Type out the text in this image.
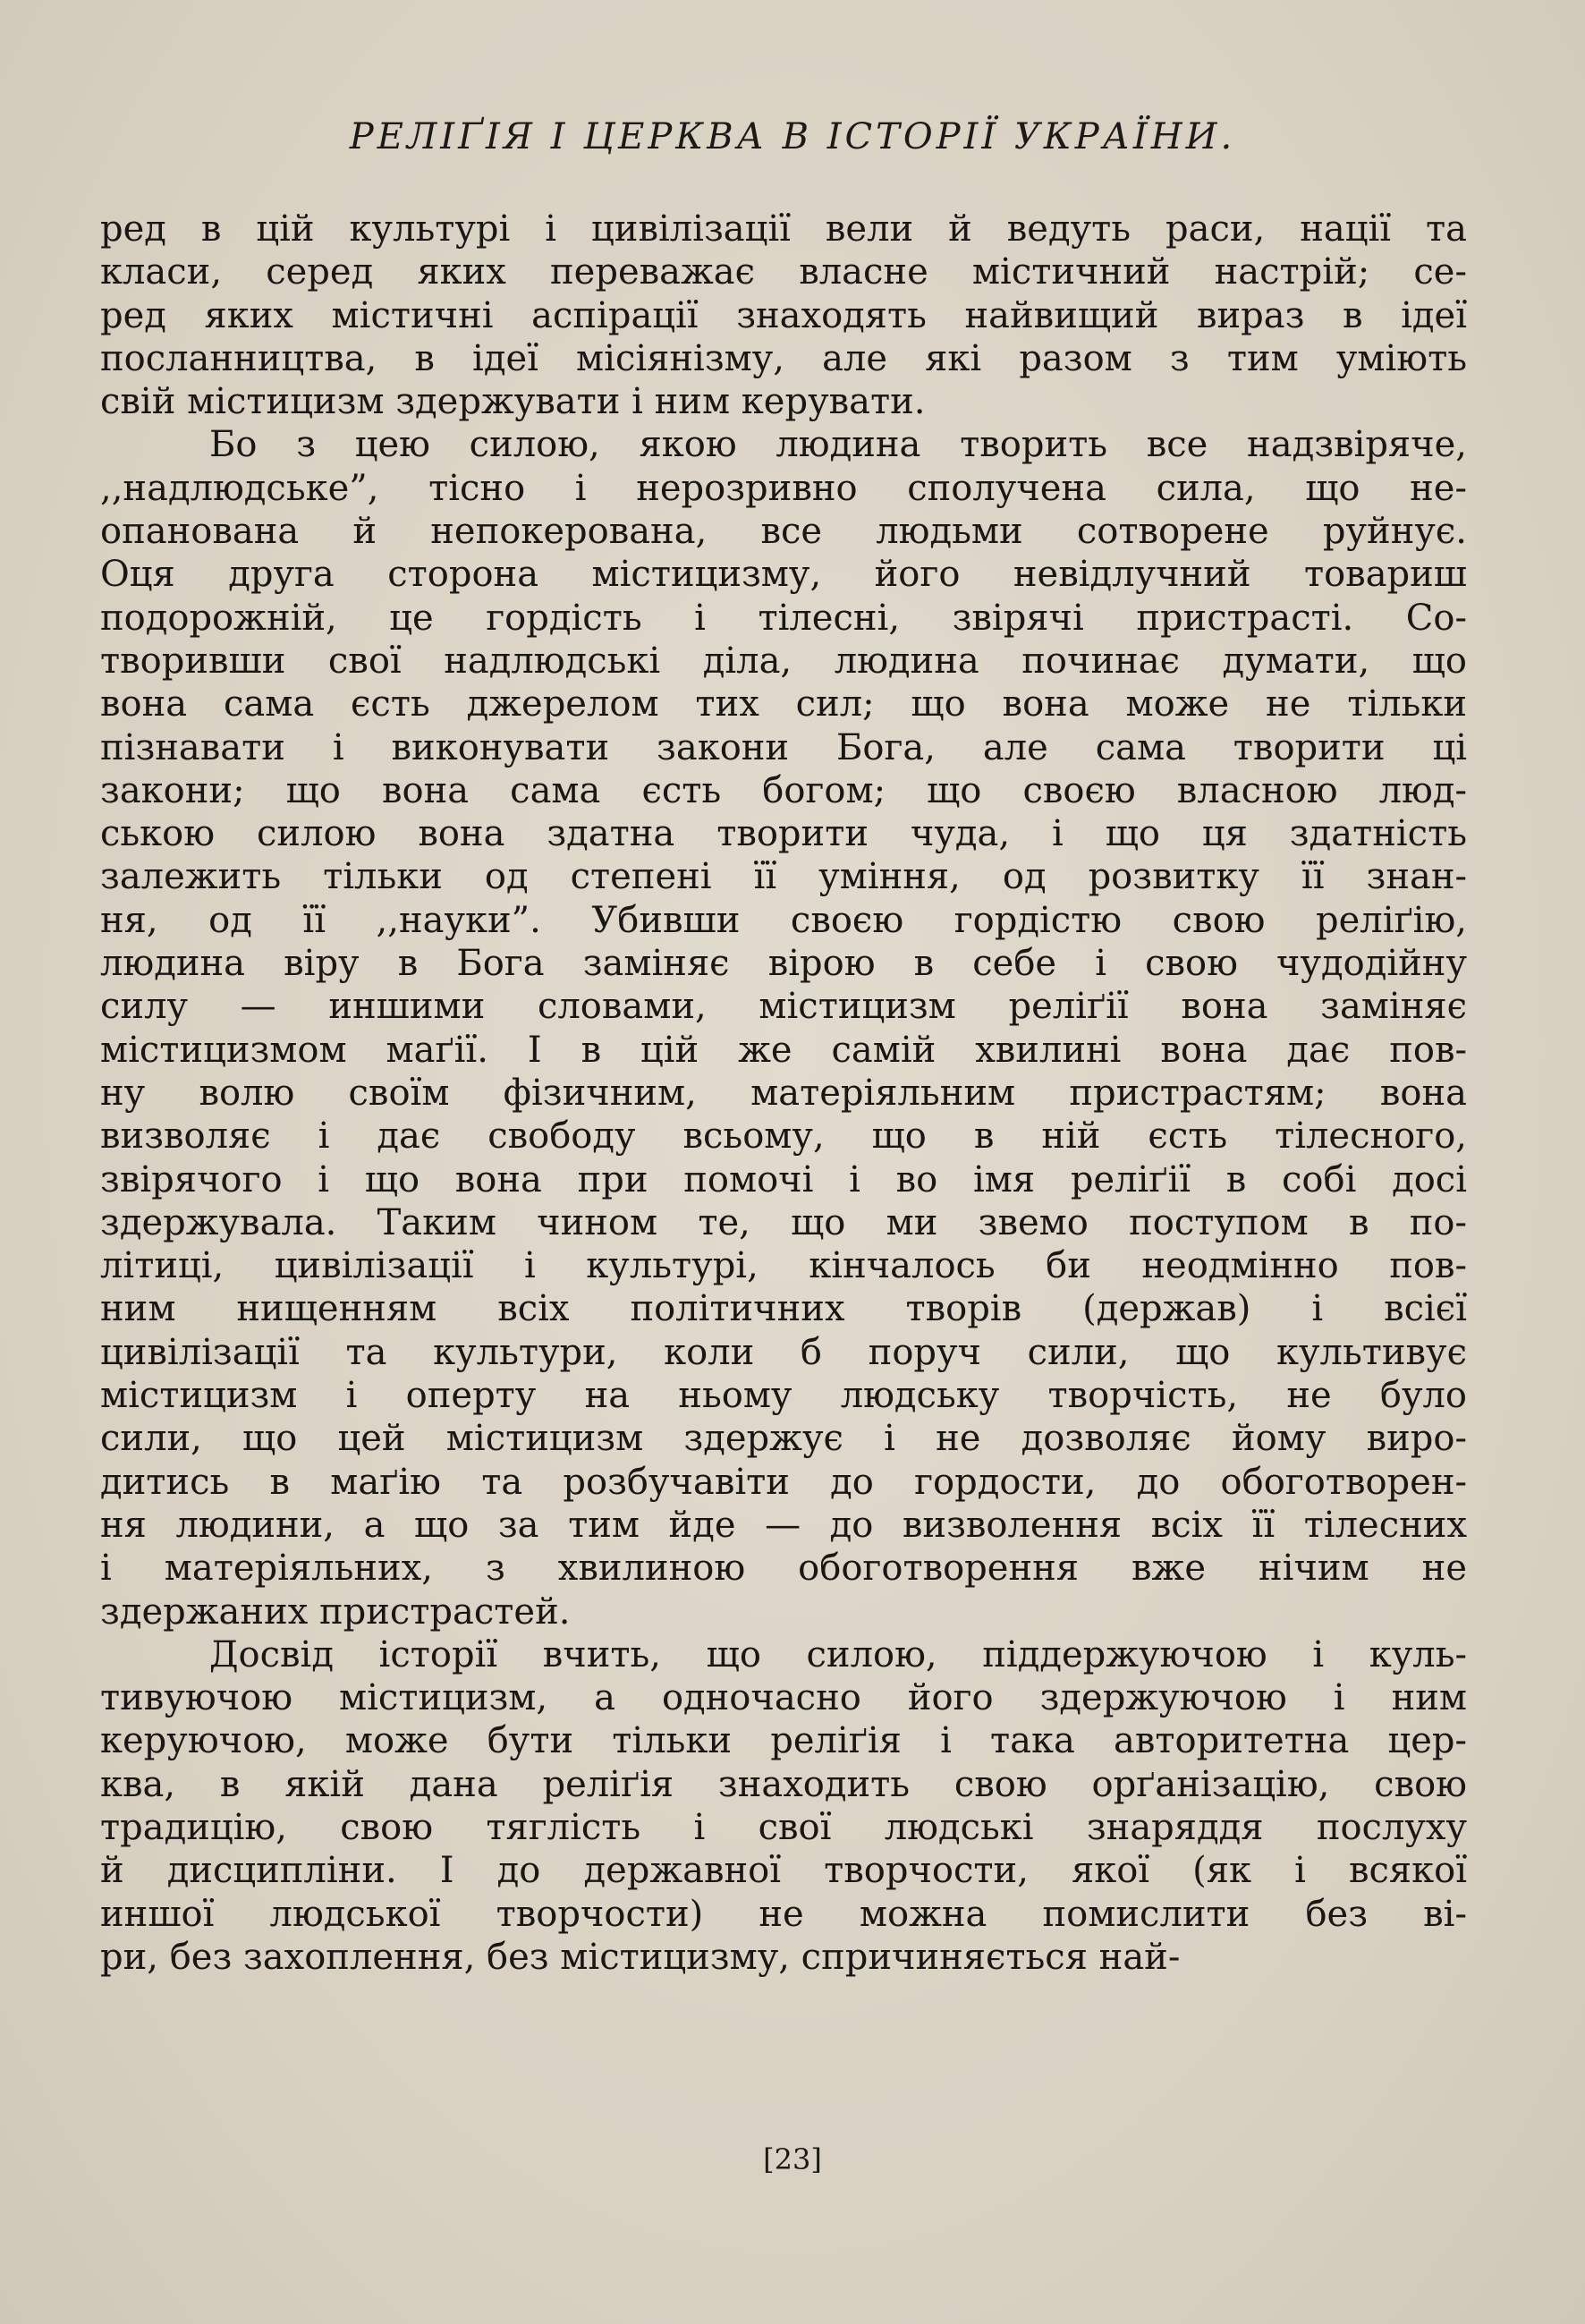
РЕЛІҐІЯ І ЦЕРКВА В ІСТОРІЇ УКРАЇНИ.
ред в цій культурі і цивілізації вели й ведуть раси, нації та
класи, серед яких переважає власне містичний настрій; се-
ред яких містичні аспірації знаходять найвищий вираз в ідеї
посланництва, в ідеї місіянізму, але які разом з тим уміють
свій містицизм здержувати і ним керувати.
Бо з цею силою, якою людина творить все надзвіряче,
,,надлюдське”, тісно і нерозривно сполучена сила, що не-
опанована й непокерована, все людьми сотворене руйнує.
Оця друга сторона містицизму, його невідлучний товариш
подорожній, це гордість і тілесні, звірячі пристрасті. Со-
творивши свої надлюдські діла, людина починає думати, що
вона сама єсть джерелом тих сил; що вона може не тільки
пізнавати і виконувати закони Бога, але сама творити ці
закони; що вона сама єсть богом; що своєю власною люд-
ською силою вона здатна творити чуда, і що ця здатність
залежить тільки од степені її уміння, од розвитку її знан-
ня, од її ,,науки”. Убивши своєю гордістю свою реліґію,
людина віру в Бога заміняє вірою в себе і свою чудодійну
силу — иншими словами, містицизм реліґії вона заміняє
містицизмом маґії. І в цій же самій хвилині вона дає пов-
ну волю своїм фізичним, матеріяльним пристрастям; вона
визволяє і дає свободу всьому, що в ній єсть тілесного,
звірячого і що вона при помочі і во імя реліґії в собі досі
здержувала. Таким чином те, що ми звемо поступом в по-
літиці, цивілізації і культурі, кінчалось би неодмінно пов-
ним нищенням всіх політичних творів (держав) і всієї
цивілізації та культури, коли б поруч сили, що культивує
містицизм і оперту на ньому людську творчість, не було
сили, що цей містицизм здержує і не дозволяє йому виро-
дитись в маґію та розбучавіти до гордости, до обоготворен-
ня людини, а що за тим йде — до визволення всіх її тілесних
і матеріяльних, з хвилиною обоготворення вже нічим не
здержаних пристрастей.
Досвід історії вчить, що силою, піддержуючою і куль-
тивуючою містицизм, а одночасно його здержуючою і ним
керуючою, може бути тільки реліґія і така авторитетна цер-
ква, в якій дана реліґія знаходить свою орґанізацію, свою
традицію, свою тяглість і свої людські знаряддя послуху
й дисципліни. І до державної творчости, якої (як і всякої
иншої людської творчости) не можна помислити без ві-
ри, без захоплення, без містицизму, спричиняється най-
[23]
